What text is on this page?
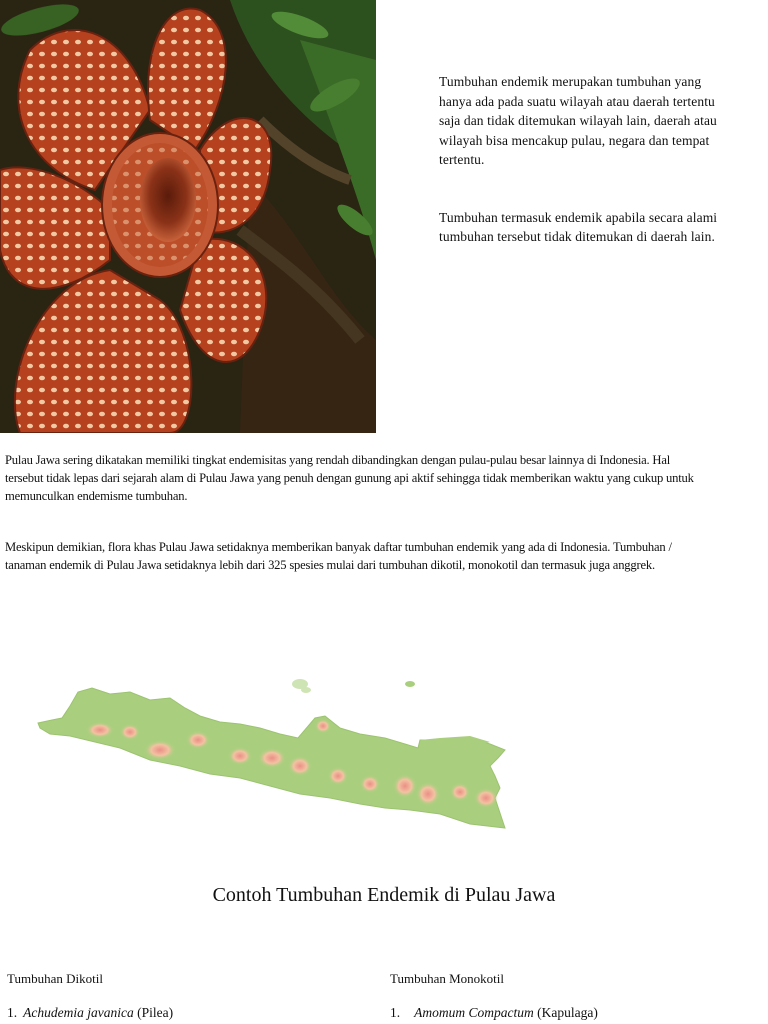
Tumbuhan endemik merupakan tumbuhan yang hanya ada pada suatu wilayah atau daerah tertentu saja dan tidak ditemukan wilayah lain, daerah atau wilayah bisa mencakup pulau, negara dan tempat tertentu.

Tumbuhan termasuk endemik apabila secara alami tumbuhan tersebut tidak ditemukan di daerah lain.

Pulau Jawa sering dikatakan memiliki tingkat endemisitas yang rendah dibandingkan dengan pulau-pulau besar lainnya di Indonesia. Hal tersebut tidak lepas dari sejarah alam di Pulau Jawa yang penuh dengan gunung api aktif sehingga tidak memberikan waktu yang cukup untuk memunculkan endemisme tumbuhan.

Meskipun demikian, flora khas Pulau Jawa setidaknya memberikan banyak daftar tumbuhan endemik yang ada di Indonesia. Tumbuhan / tanaman endemik di Pulau Jawa setidaknya lebih dari 325 spesies mulai dari tumbuhan dikotil, monokotil dan termasuk juga anggrek.

Contoh Tumbuhan Endemik di Pulau Jawa
Tumbuhan Dikotil
1. Achudemia javanica (Pilea)
Tumbuhan Monokotil
1. Amomum Compactum (Kapulaga)
